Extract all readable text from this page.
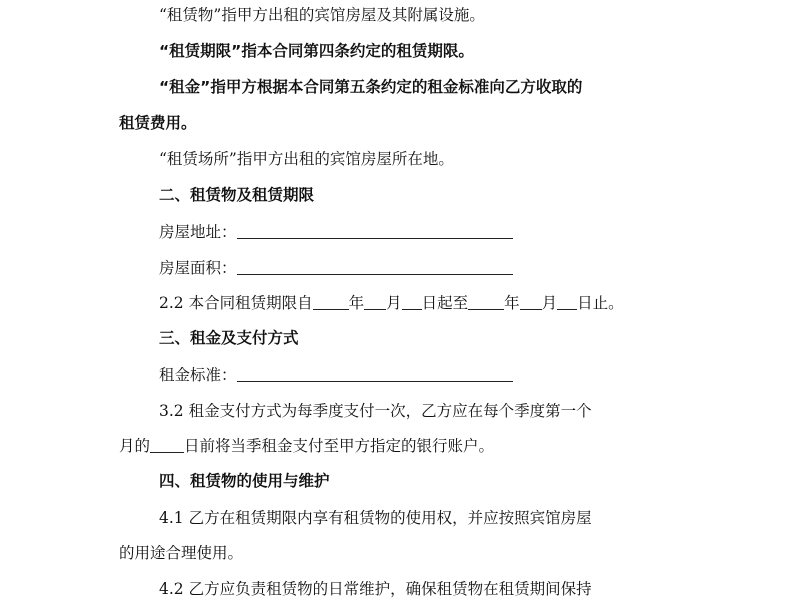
“租赁物”指甲方出租的宾馆房屋及其附属设施。
“租赁期限”指本合同第四条约定的租赁期限。
“租金”指甲方根据本合同第五条约定的租金标准向乙方收取的
租赁费用。
“租赁场所”指甲方出租的宾馆房屋所在地。
二、租赁物及租赁期限
房屋地址：
房屋面积：
2.2 本合同租赁期限自 年 月 日起至 年 月 日止。
三、租金及支付方式
租金标准：
3.2 租金支付方式为每季度支付一次，乙方应在每个季度第一个
月的 日前将当季租金支付至甲方指定的银行账户。
四、租赁物的使用与维护
4.1 乙方在租赁期限内享有租赁物的使用权，并应按照宾馆房屋
的用途合理使用。
4.2 乙方应负责租赁物的日常维护，确保租赁物在租赁期间保持
